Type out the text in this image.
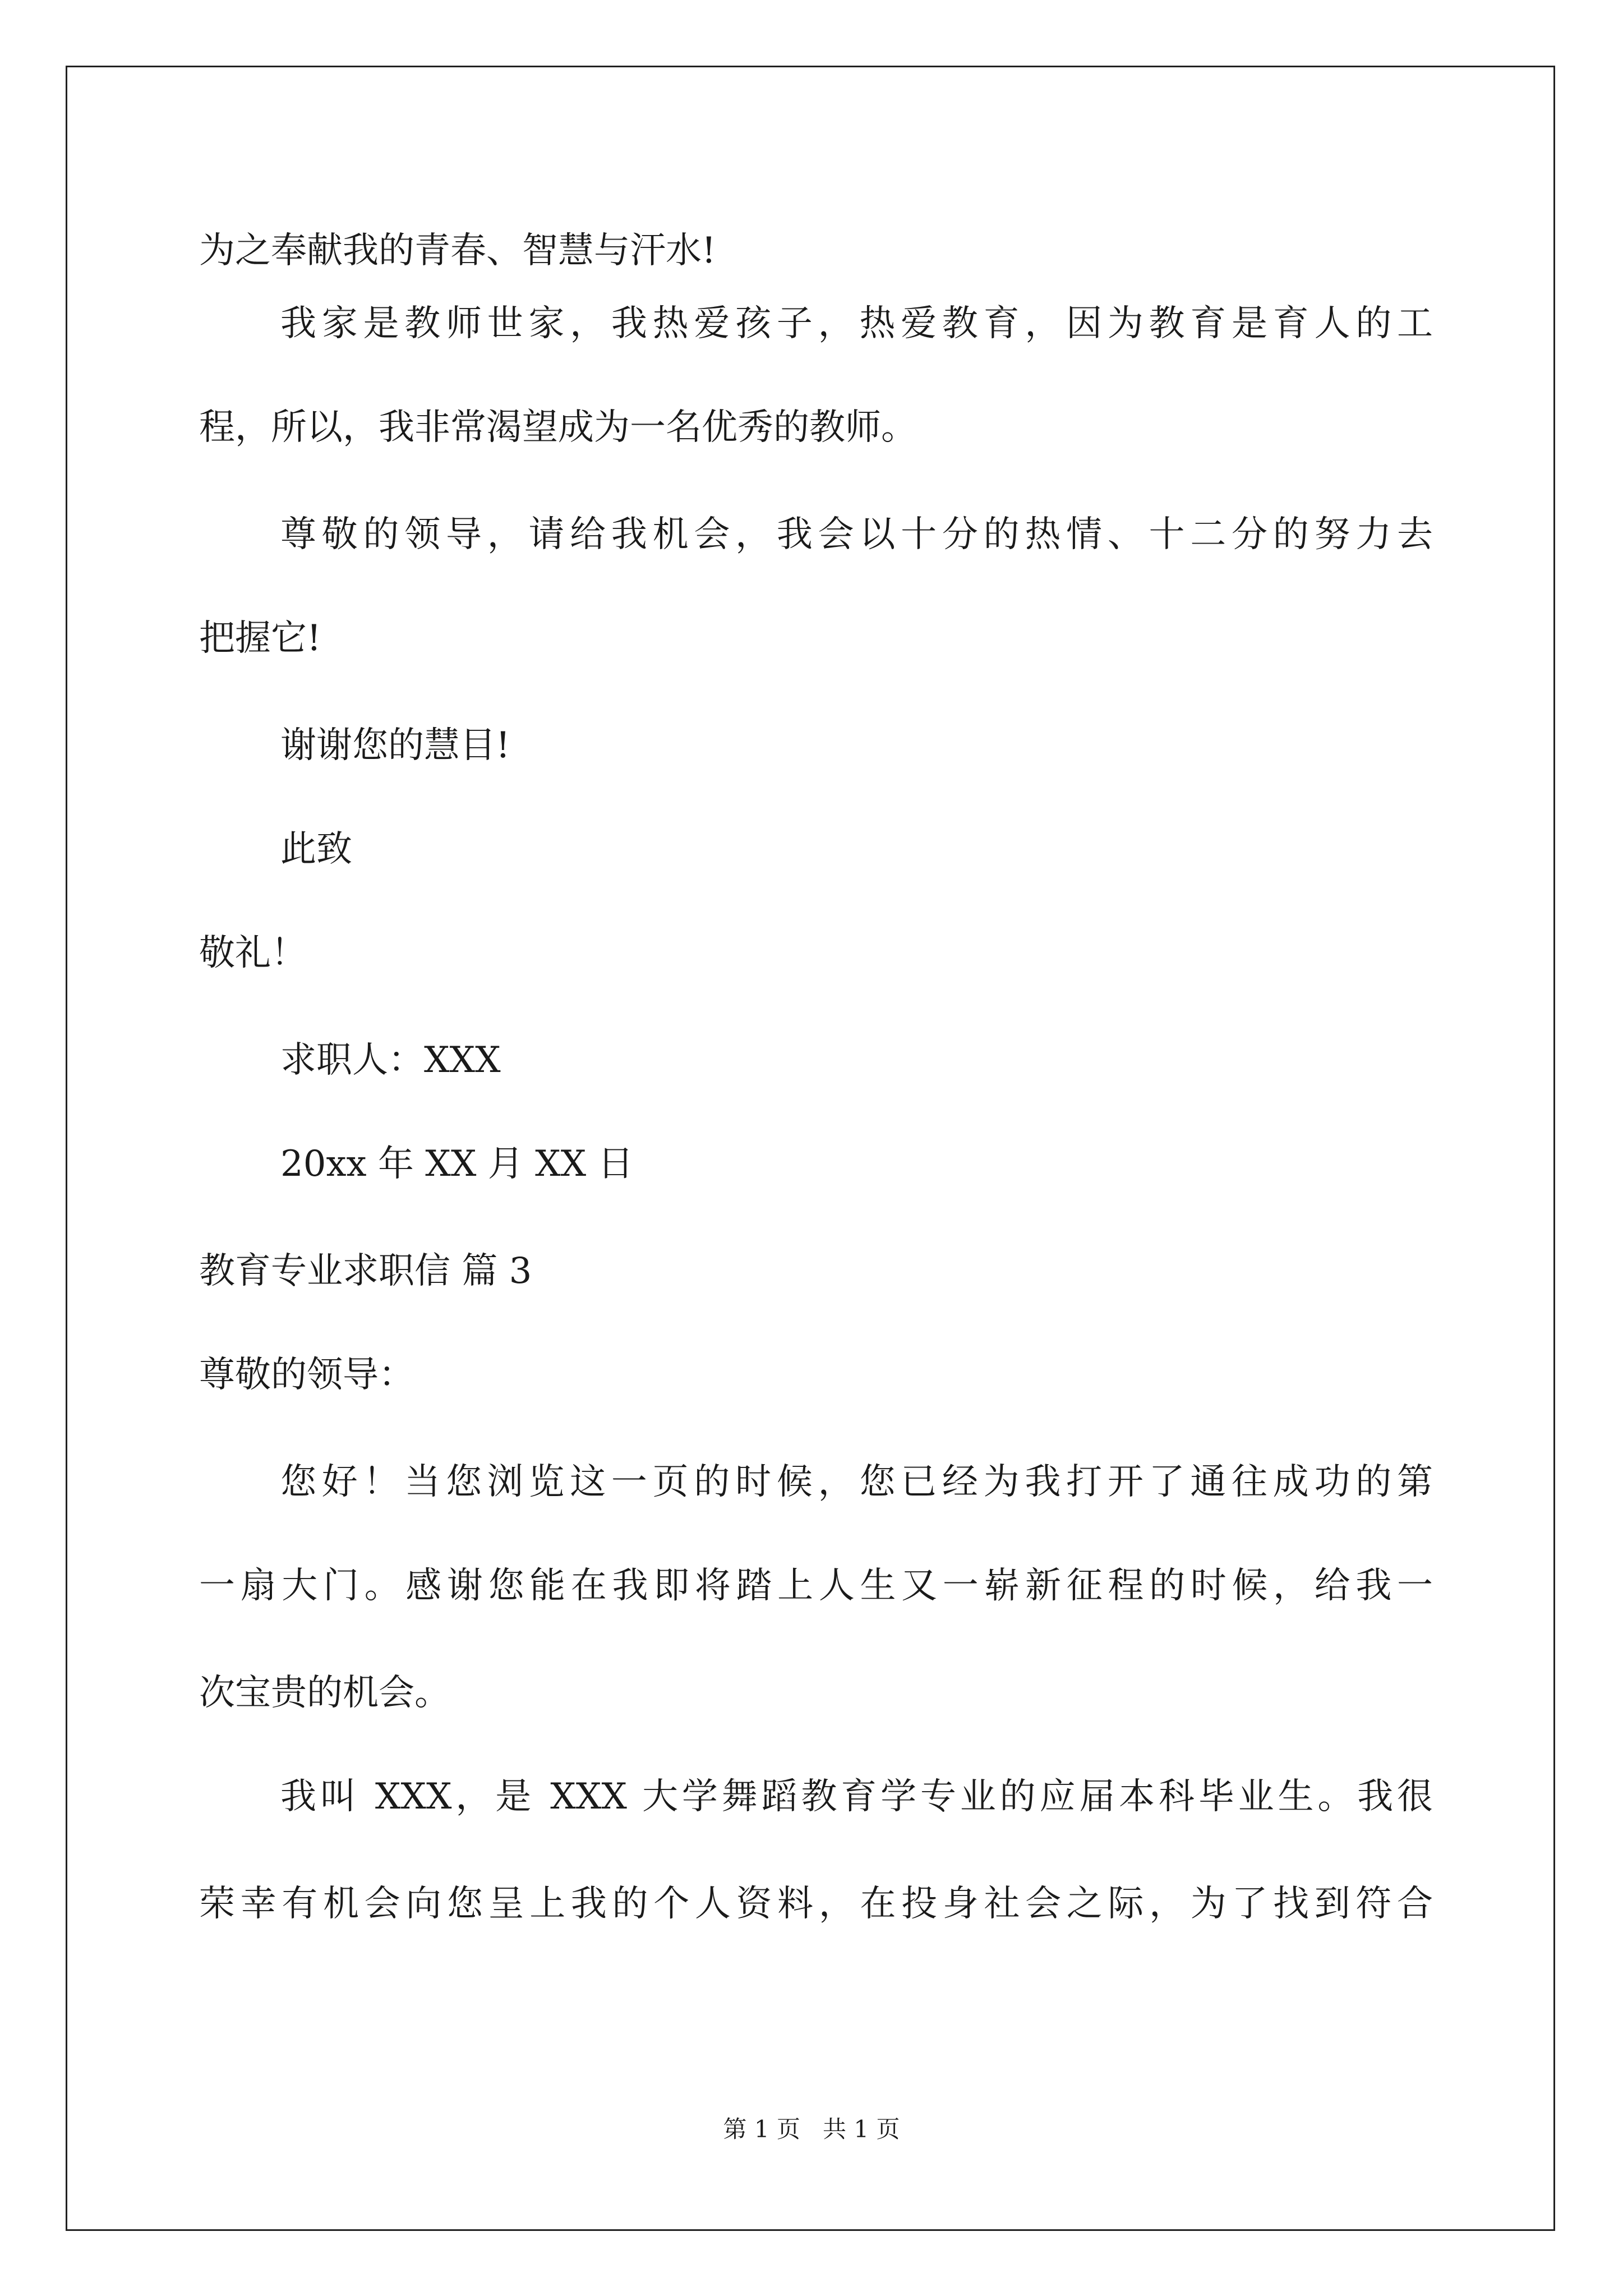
为之奉献我的青春、智慧与汗水!
我家是教师世家，我热爱孩子，热爱教育，因为教育是育人的工
程，所以，我非常渴望成为一名优秀的教师。
尊敬的领导，请给我机会，我会以十分的热情、十二分的努力去
把握它!
谢谢您的慧目!
此致
敬礼！
求职人：XXX
20xx 年 XX 月 XX 日
教育专业求职信 篇 3
尊敬的领导：
您好！当您浏览这一页的时候，您已经为我打开了通往成功的第
一扇大门。感谢您能在我即将踏上人生又一崭新征程的时候，给我一
次宝贵的机会。
我叫 XXX，是 XXX 大学舞蹈教育学专业的应届本科毕业生。我很
荣幸有机会向您呈上我的个人资料，在投身社会之际，为了找到符合
第 1 页   共 1 页
